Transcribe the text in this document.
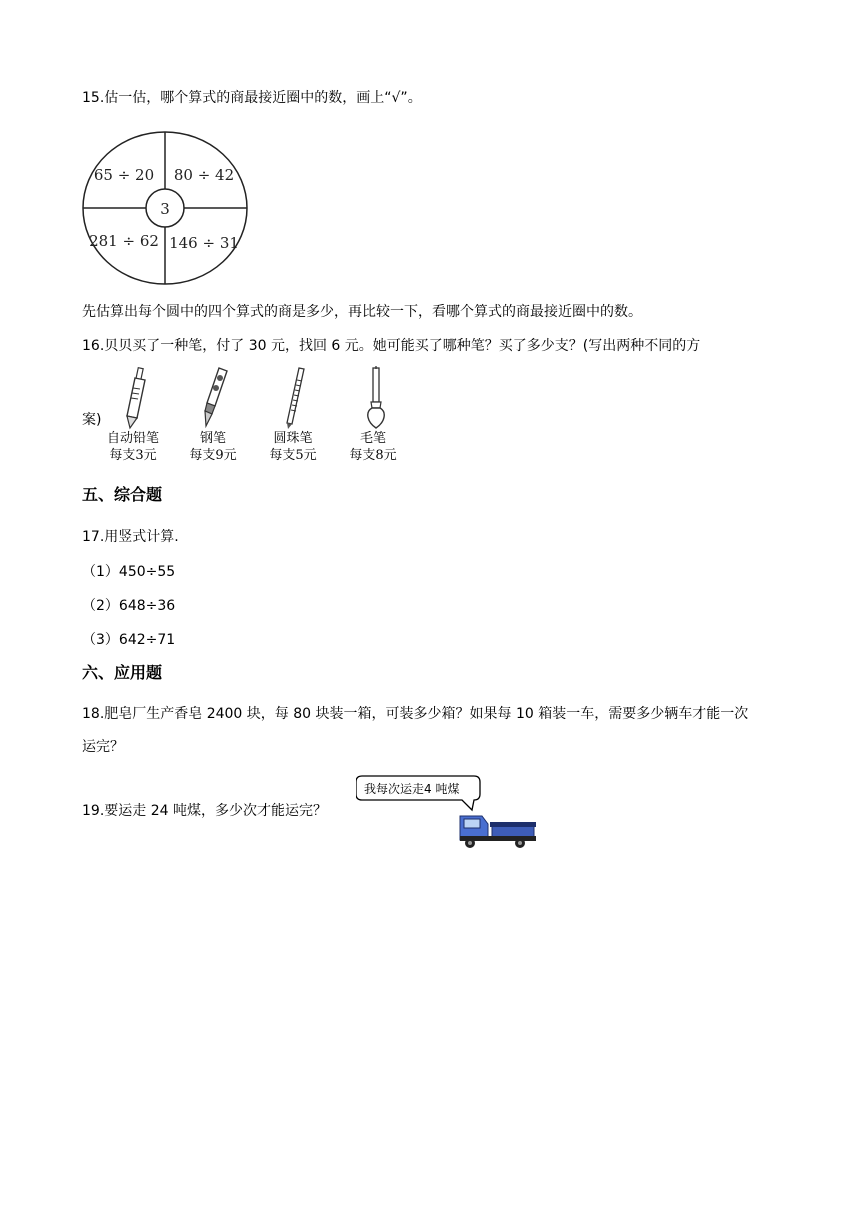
15.估一估，哪个算式的商最接近圈中的数，画上“√”。
3
65 ÷ 20 80 ÷ 42
281 ÷ 62 146 ÷ 31
先估算出每个圆中的四个算式的商是多少，再比较一下，看哪个算式的商最接近圈中的数。
16.贝贝买了一种笔，付了 30 元，找回 6 元。她可能买了哪种笔？买了多少支？(写出两种不同的方
案)
自动铅笔
每支3元
钢笔
每支9元
圆珠笔
每支5元
毛笔
每支8元
五、综合题
17.用竖式计算.
（1）450÷55
（2）648÷36
（3）642÷71
六、应用题
18.肥皂厂生产香皂 2400 块，每 80 块装一箱，可装多少箱？如果每 10 箱装一车，需要多少辆车才能一次
运完？
19.要运走 24 吨煤，多少次才能运完？
我每次运走4 吨煤
